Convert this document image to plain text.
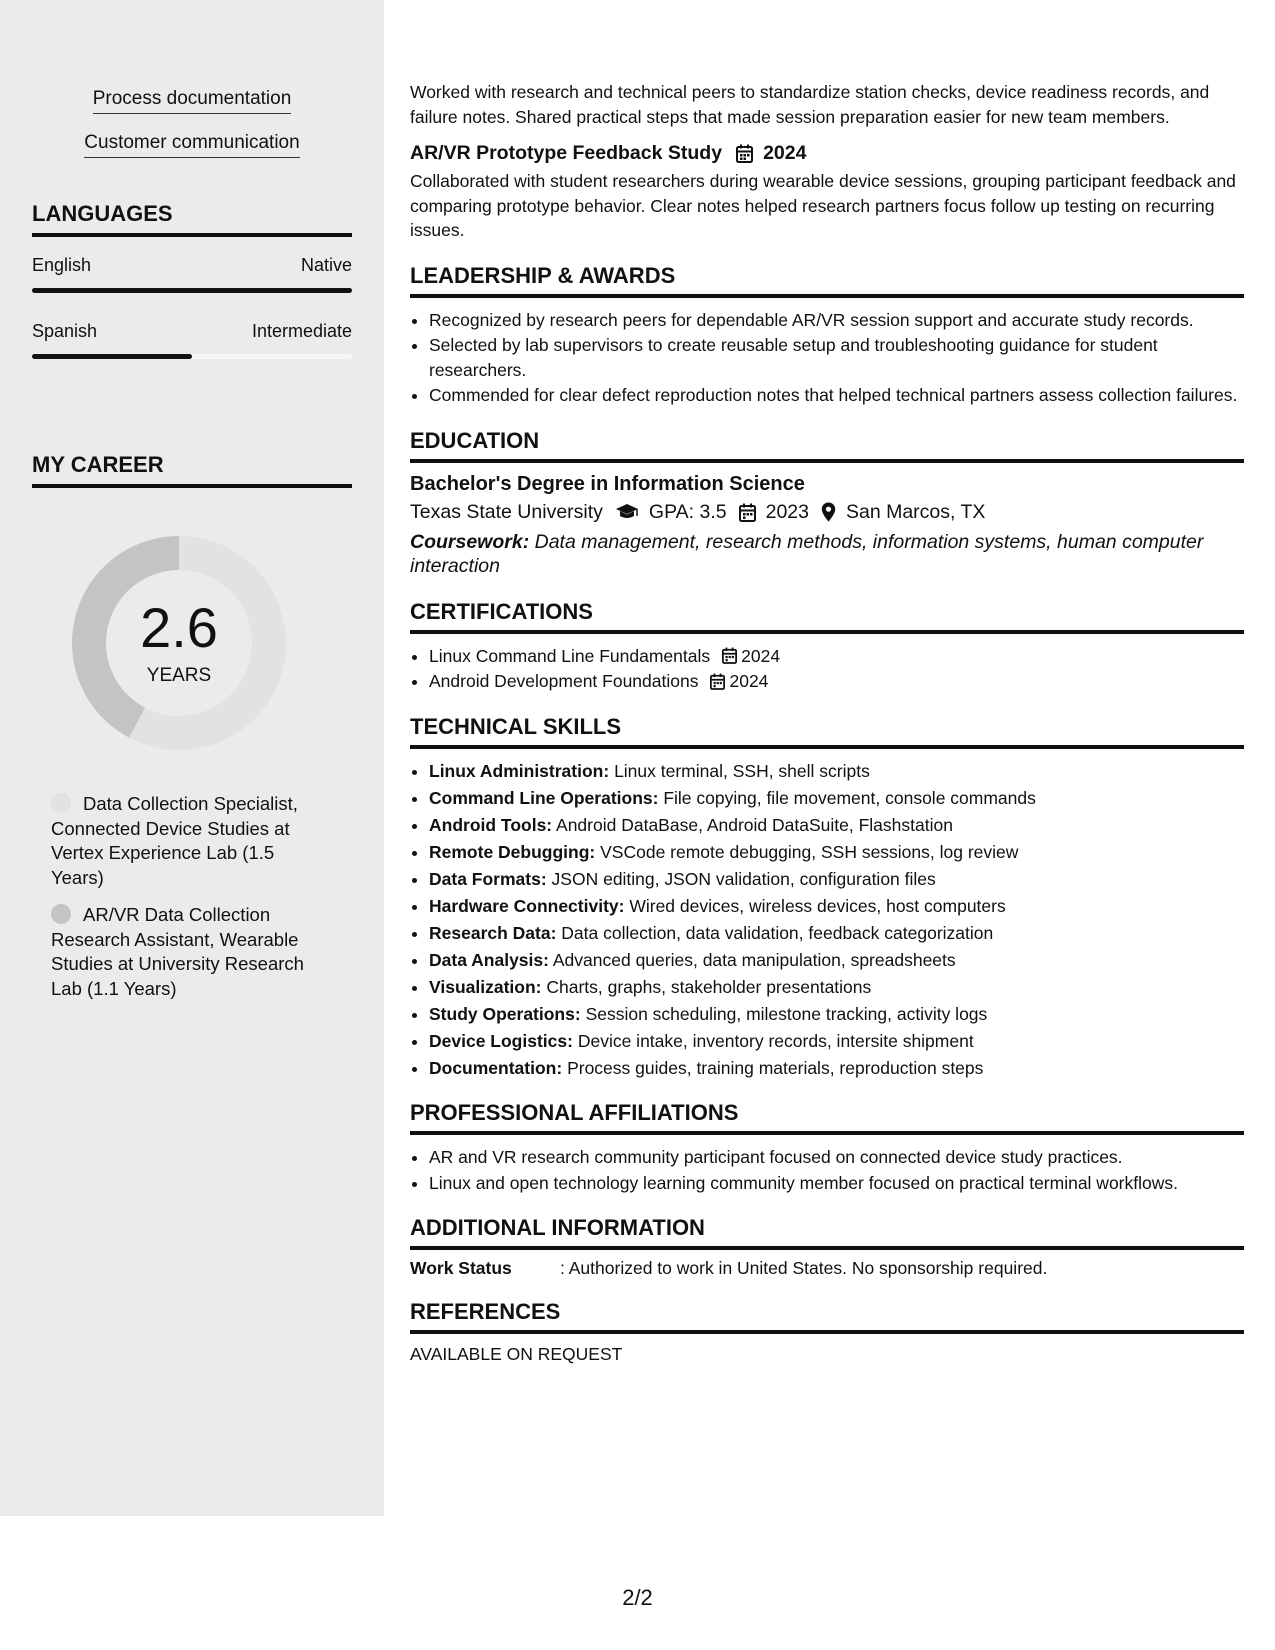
Process documentation
Customer communication
LANGUAGES
English	Native
Spanish	Intermediate
MY CAREER
2.6
YEARS
Data Collection Specialist, Connected Device Studies at Vertex Experience Lab (1.5 Years)
AR/VR Data Collection Research Assistant, Wearable Studies at University Research Lab (1.1 Years)

Worked with research and technical peers to standardize station checks, device readiness records, and failure notes. Shared practical steps that made session preparation easier for new team members.

AR/VR Prototype Feedback Study 2024

Collaborated with student researchers during wearable device sessions, grouping participant feedback and comparing prototype behavior. Clear notes helped research partners focus follow up testing on recurring issues.

LEADERSHIP & AWARDS
• Recognized by research peers for dependable AR/VR session support and accurate study records.
• Selected by lab supervisors to create reusable setup and troubleshooting guidance for student researchers.
• Commended for clear defect reproduction notes that helped technical partners assess collection failures.
EDUCATION
Bachelor's Degree in Information Science
Texas State University GPA: 3.5 2023 San Marcos, TX
Coursework: Data management, research methods, information systems, human computer interaction
CERTIFICATIONS
• Linux Command Line Fundamentals 2024
• Android Development Foundations 2024
TECHNICAL SKILLS
• Linux Administration: Linux terminal, SSH, shell scripts
• Command Line Operations: File copying, file movement, console commands
• Android Tools: Android DataBase, Android DataSuite, Flashstation
• Remote Debugging: VSCode remote debugging, SSH sessions, log review
• Data Formats: JSON editing, JSON validation, configuration files
• Hardware Connectivity: Wired devices, wireless devices, host computers
• Research Data: Data collection, data validation, feedback categorization
• Data Analysis: Advanced queries, data manipulation, spreadsheets
• Visualization: Charts, graphs, stakeholder presentations
• Study Operations: Session scheduling, milestone tracking, activity logs
• Device Logistics: Device intake, inventory records, intersite shipment
• Documentation: Process guides, training materials, reproduction steps
PROFESSIONAL AFFILIATIONS
• AR and VR research community participant focused on connected device study practices.
• Linux and open technology learning community member focused on practical terminal workflows.
ADDITIONAL INFORMATION
Work Status	: Authorized to work in United States. No sponsorship required.
REFERENCES
AVAILABLE ON REQUEST
2/2
